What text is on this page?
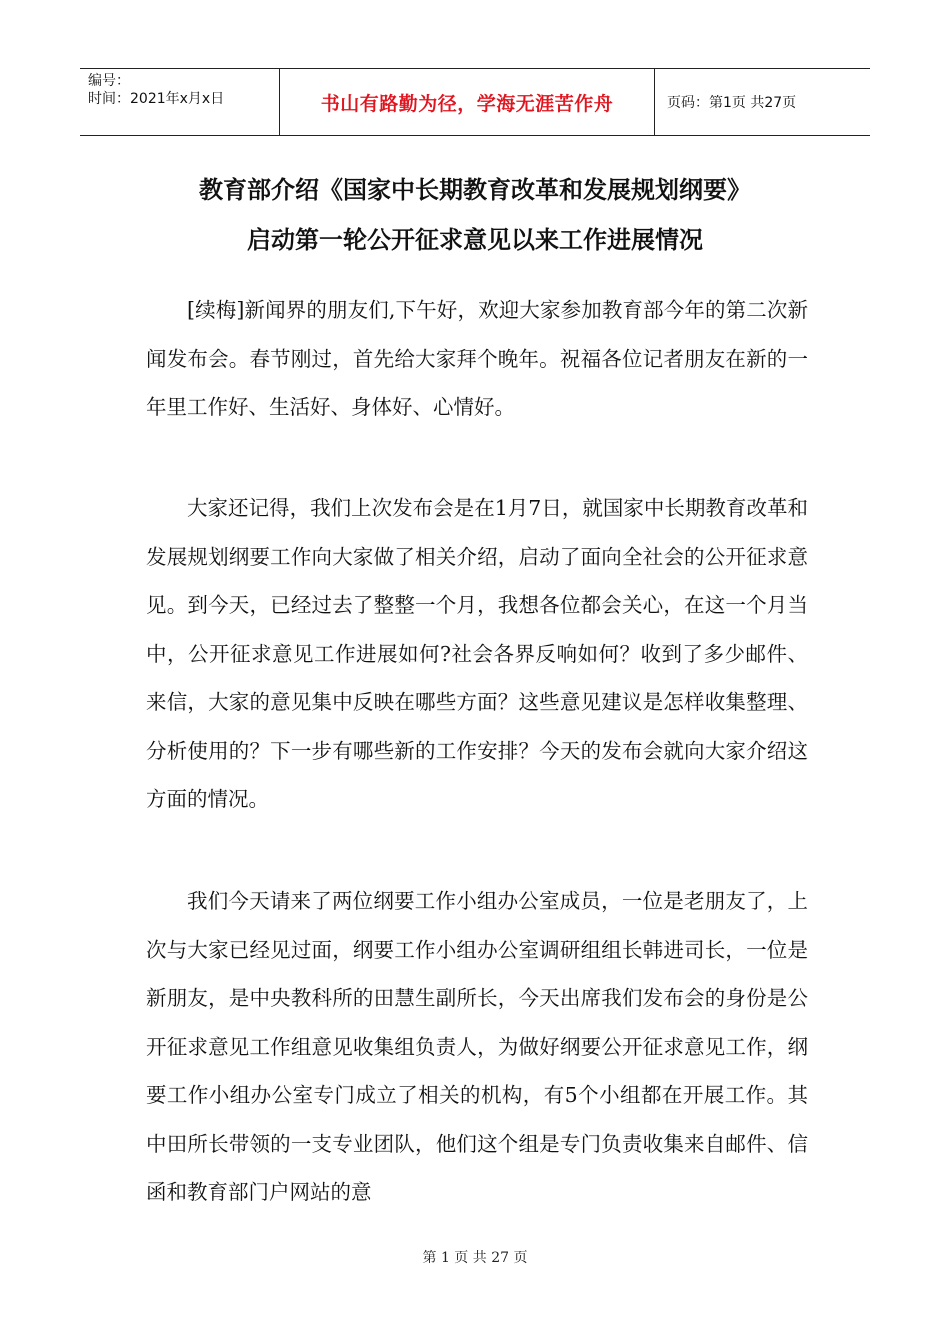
编号：
时间：2021年x月x日	书山有路勤为径，学海无涯苦作舟	页码：第1页 共27页
教育部介绍《国家中长期教育改革和发展规划纲要》
启动第一轮公开征求意见以来工作进展情况

[续梅]新闻界的朋友们,下午好，欢迎大家参加教育部今年的第二次新闻发布会。春节刚过，首先给大家拜个晚年。祝福各位记者朋友在新的一年里工作好、生活好、身体好、心情好。

大家还记得，我们上次发布会是在1月7日，就国家中长期教育改革和发展规划纲要工作向大家做了相关介绍，启动了面向全社会的公开征求意见。到今天，已经过去了整整一个月，我想各位都会关心，在这一个月当中，公开征求意见工作进展如何?社会各界反响如何？收到了多少邮件、来信，大家的意见集中反映在哪些方面？这些意见建议是怎样收集整理、分析使用的？下一步有哪些新的工作安排？今天的发布会就向大家介绍这方面的情况。

我们今天请来了两位纲要工作小组办公室成员，一位是老朋友了，上次与大家已经见过面，纲要工作小组办公室调研组组长韩进司长，一位是新朋友，是中央教科所的田慧生副所长，今天出席我们发布会的身份是公开征求意见工作组意见收集组负责人，为做好纲要公开征求意见工作，纲要工作小组办公室专门成立了相关的机构，有5个小组都在开展工作。其中田所长带领的一支专业团队，他们这个组是专门负责收集来自邮件、信函和教育部门户网站的意

第 1 页 共 27 页
